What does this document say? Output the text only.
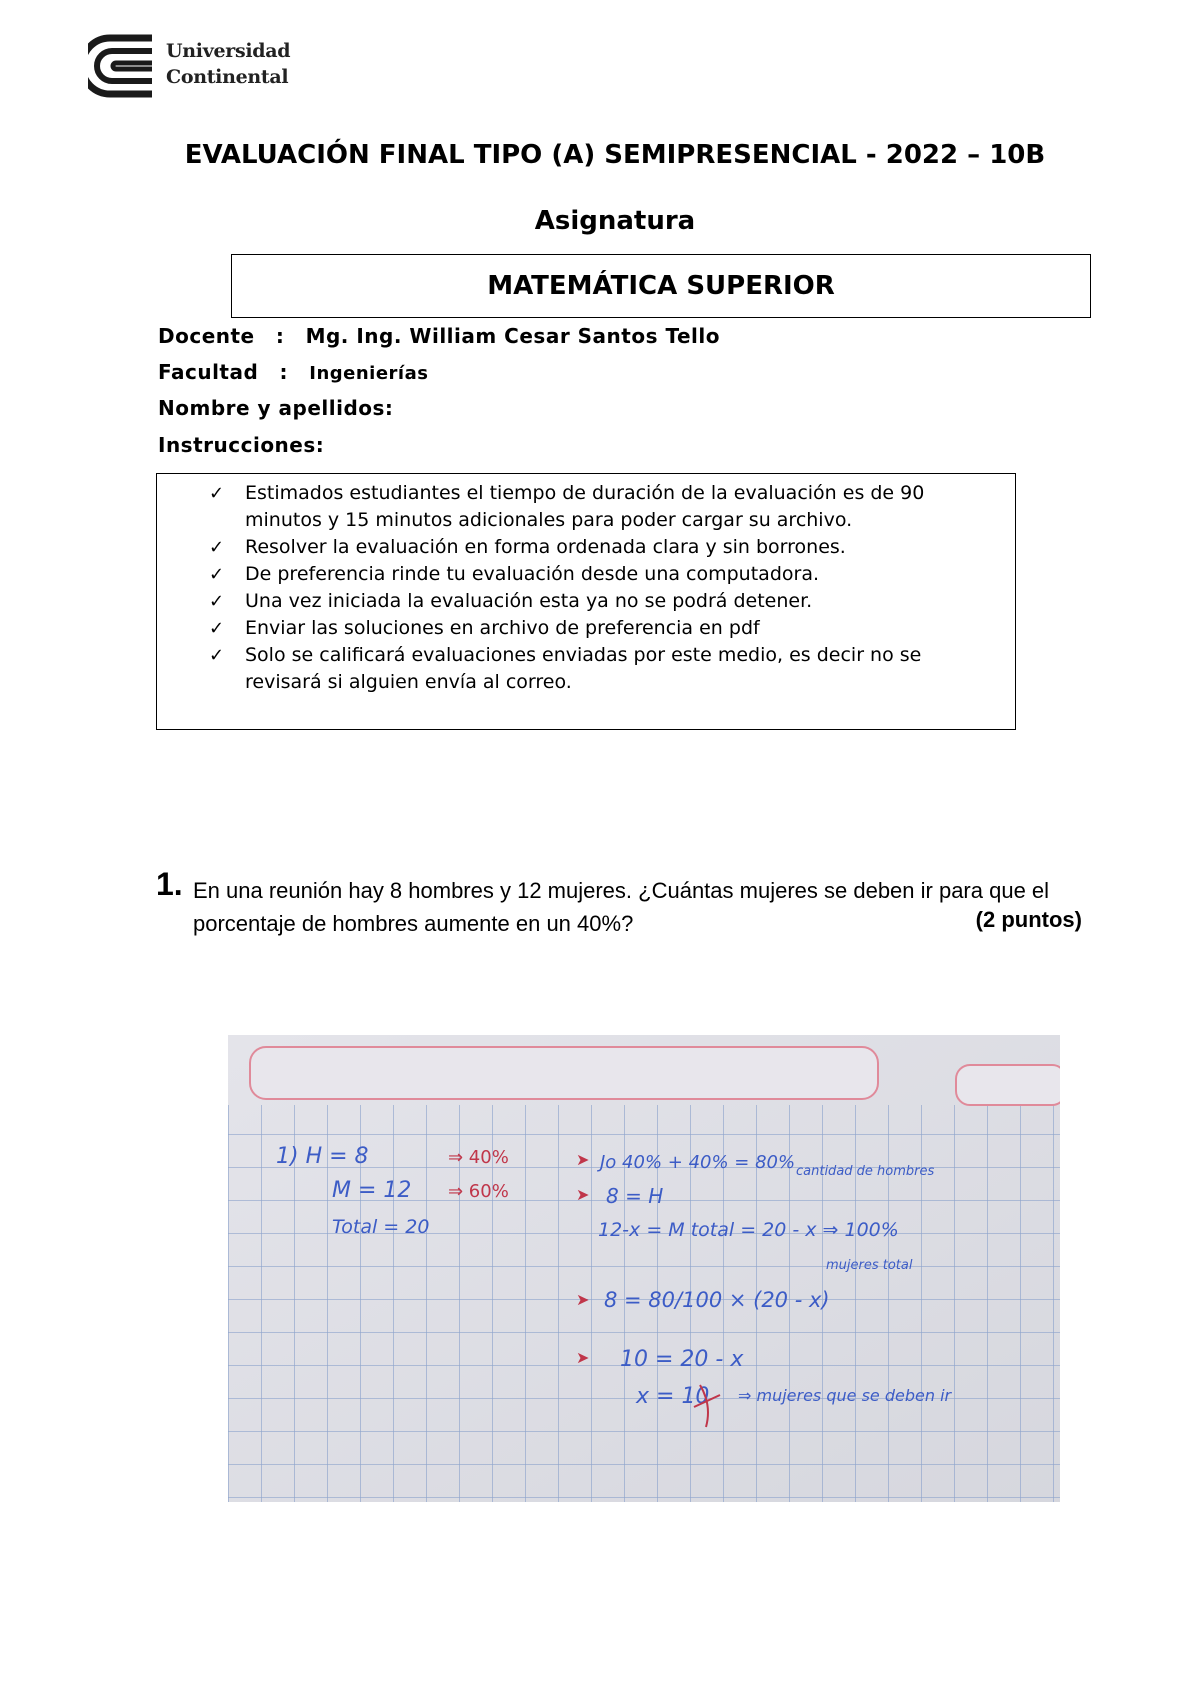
Universidad
Continental
EVALUACIÓN FINAL TIPO (A) SEMIPRESENCIAL - 2022 – 10B
Asignatura
MATEMÁTICA SUPERIOR
Docente : Mg. Ing. William Cesar Santos Tello
Facultad : Ingenierías
Nombre y apellidos:
Instrucciones:
✓ Estimados estudiantes el tiempo de duración de la evaluación es de 90 minutos y 15 minutos adicionales para poder cargar su archivo.
✓ Resolver la evaluación en forma ordenada clara y sin borrones.
✓ De preferencia rinde tu evaluación desde una computadora.
✓ Una vez iniciada la evaluación esta ya no se podrá detener.
✓ Enviar las soluciones en archivo de preferencia en pdf
✓ Solo se calificará evaluaciones enviadas por este medio, es decir no se revisará si alguien envía al correo.
1. En una reunión hay 8 hombres y 12 mujeres. ¿Cuántas mujeres se deben ir para que el porcentaje de hombres aumente en un 40%?	(2 puntos)
1) H = 8	⇒ 40%
M = 12 ⇒ 60%
Total = 20
➤ Jo 40% + 40% = 80% cantidad de hombres
➤ 8 = H
12-x = M total = 20 - x ⇒ 100%
mujeres total
➤ 8 = 80/100 × (20 - x)
➤ 10 = 20 - x
x = 10 ⇒ mujeres que se deben ir
